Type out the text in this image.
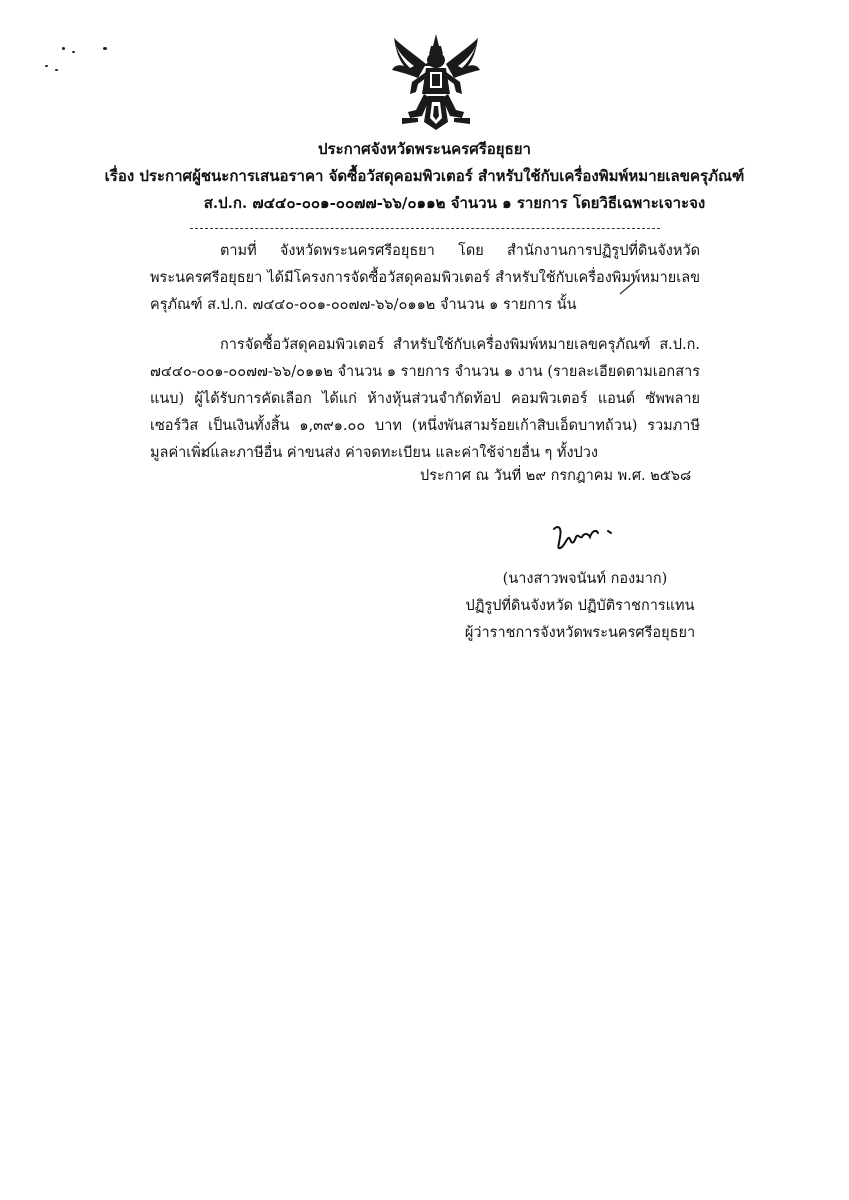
ประกาศจังหวัดพระนครศรีอยุธยา
เรื่อง ประกาศผู้ชนะการเสนอราคา จัดซื้อวัสดุคอมพิวเตอร์ สำหรับใช้กับเครื่องพิมพ์หมายเลขครุภัณฑ์
ส.ป.ก. ๗๔๔๐-๐๐๑-๐๐๗๗-๖๖/๐๑๑๒ จำนวน ๑ รายการ โดยวิธีเฉพาะเจาะจง
ตามที่ จังหวัดพระนครศรีอยุธยา โดย สำนักงานการปฏิรูปที่ดินจังหวัดพระนครศรีอยุธยา ได้มีโครงการจัดซื้อวัสดุคอมพิวเตอร์ สำหรับใช้กับเครื่องพิมพ์หมายเลขครุภัณฑ์ ส.ป.ก. ๗๔๔๐-๐๐๑-๐๐๗๗-๖๖/๐๑๑๒ จำนวน ๑ รายการ นั้น
การจัดซื้อวัสดุคอมพิวเตอร์ สำหรับใช้กับเครื่องพิมพ์หมายเลขครุภัณฑ์ ส.ป.ก. ๗๔๔๐-๐๐๑-๐๐๗๗-๖๖/๐๑๑๒ จำนวน ๑ รายการ จำนวน ๑ งาน (รายละเอียดตามเอกสารแนบ) ผู้ได้รับการคัดเลือก ได้แก่ ห้างหุ้นส่วนจำกัดท้อป คอมพิวเตอร์ แอนด์ ซัพพลาย เซอร์วิส เป็นเงินทั้งสิ้น ๑,๓๙๑.๐๐ บาท (หนึ่งพันสามร้อยเก้าสิบเอ็ดบาทถ้วน) รวมภาษีมูลค่าเพิ่มและภาษีอื่น ค่าขนส่ง ค่าจดทะเบียน และค่าใช้จ่ายอื่น ๆ ทั้งปวง
ประกาศ ณ วันที่ ๒๙ กรกฎาคม พ.ศ. ๒๕๖๘
(นางสาวพจนันท์ กองมาก)
ปฏิรูปที่ดินจังหวัด ปฏิบัติราชการแทน
ผู้ว่าราชการจังหวัดพระนครศรีอยุธยา
